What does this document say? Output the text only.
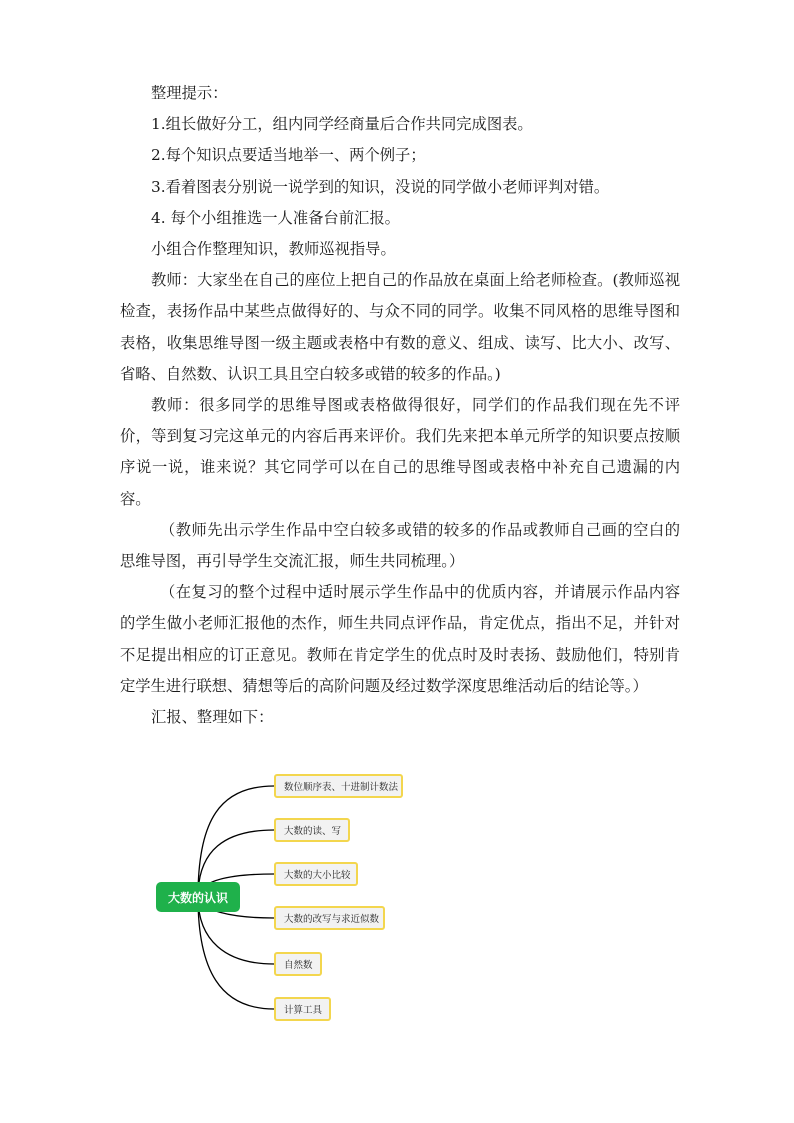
整理提示：

1.组长做好分工，组内同学经商量后合作共同完成图表。

2.每个知识点要适当地举一、两个例子；

3.看着图表分别说一说学到的知识，没说的同学做小老师评判对错。

4. 每个小组推选一人准备台前汇报。

小组合作整理知识，教师巡视指导。

教师：大家坐在自己的座位上把自己的作品放在桌面上给老师检查。(教师巡视检查，表扬作品中某些点做得好的、与众不同的同学。收集不同风格的思维导图和表格，收集思维导图一级主题或表格中有数的意义、组成、读写、比大小、改写、省略、自然数、认识工具且空白较多或错的较多的作品。)

教师：很多同学的思维导图或表格做得很好，同学们的作品我们现在先不评价，等到复习完这单元的内容后再来评价。我们先来把本单元所学的知识要点按顺序说一说，谁来说？其它同学可以在自己的思维导图或表格中补充自己遗漏的内容。

（教师先出示学生作品中空白较多或错的较多的作品或教师自己画的空白的思维导图，再引导学生交流汇报，师生共同梳理。）

（在复习的整个过程中适时展示学生作品中的优质内容，并请展示作品内容的学生做小老师汇报他的杰作，师生共同点评作品，肯定优点，指出不足，并针对不足提出相应的订正意见。教师在肯定学生的优点时及时表扬、鼓励他们，特别肯定学生进行联想、猜想等后的高阶问题及经过数学深度思维活动后的结论等。）

汇报、整理如下：

大数的认识
数位顺序表、十进制计数法
大数的读、写
大数的大小比较
大数的改写与求近似数
自然数
计算工具
